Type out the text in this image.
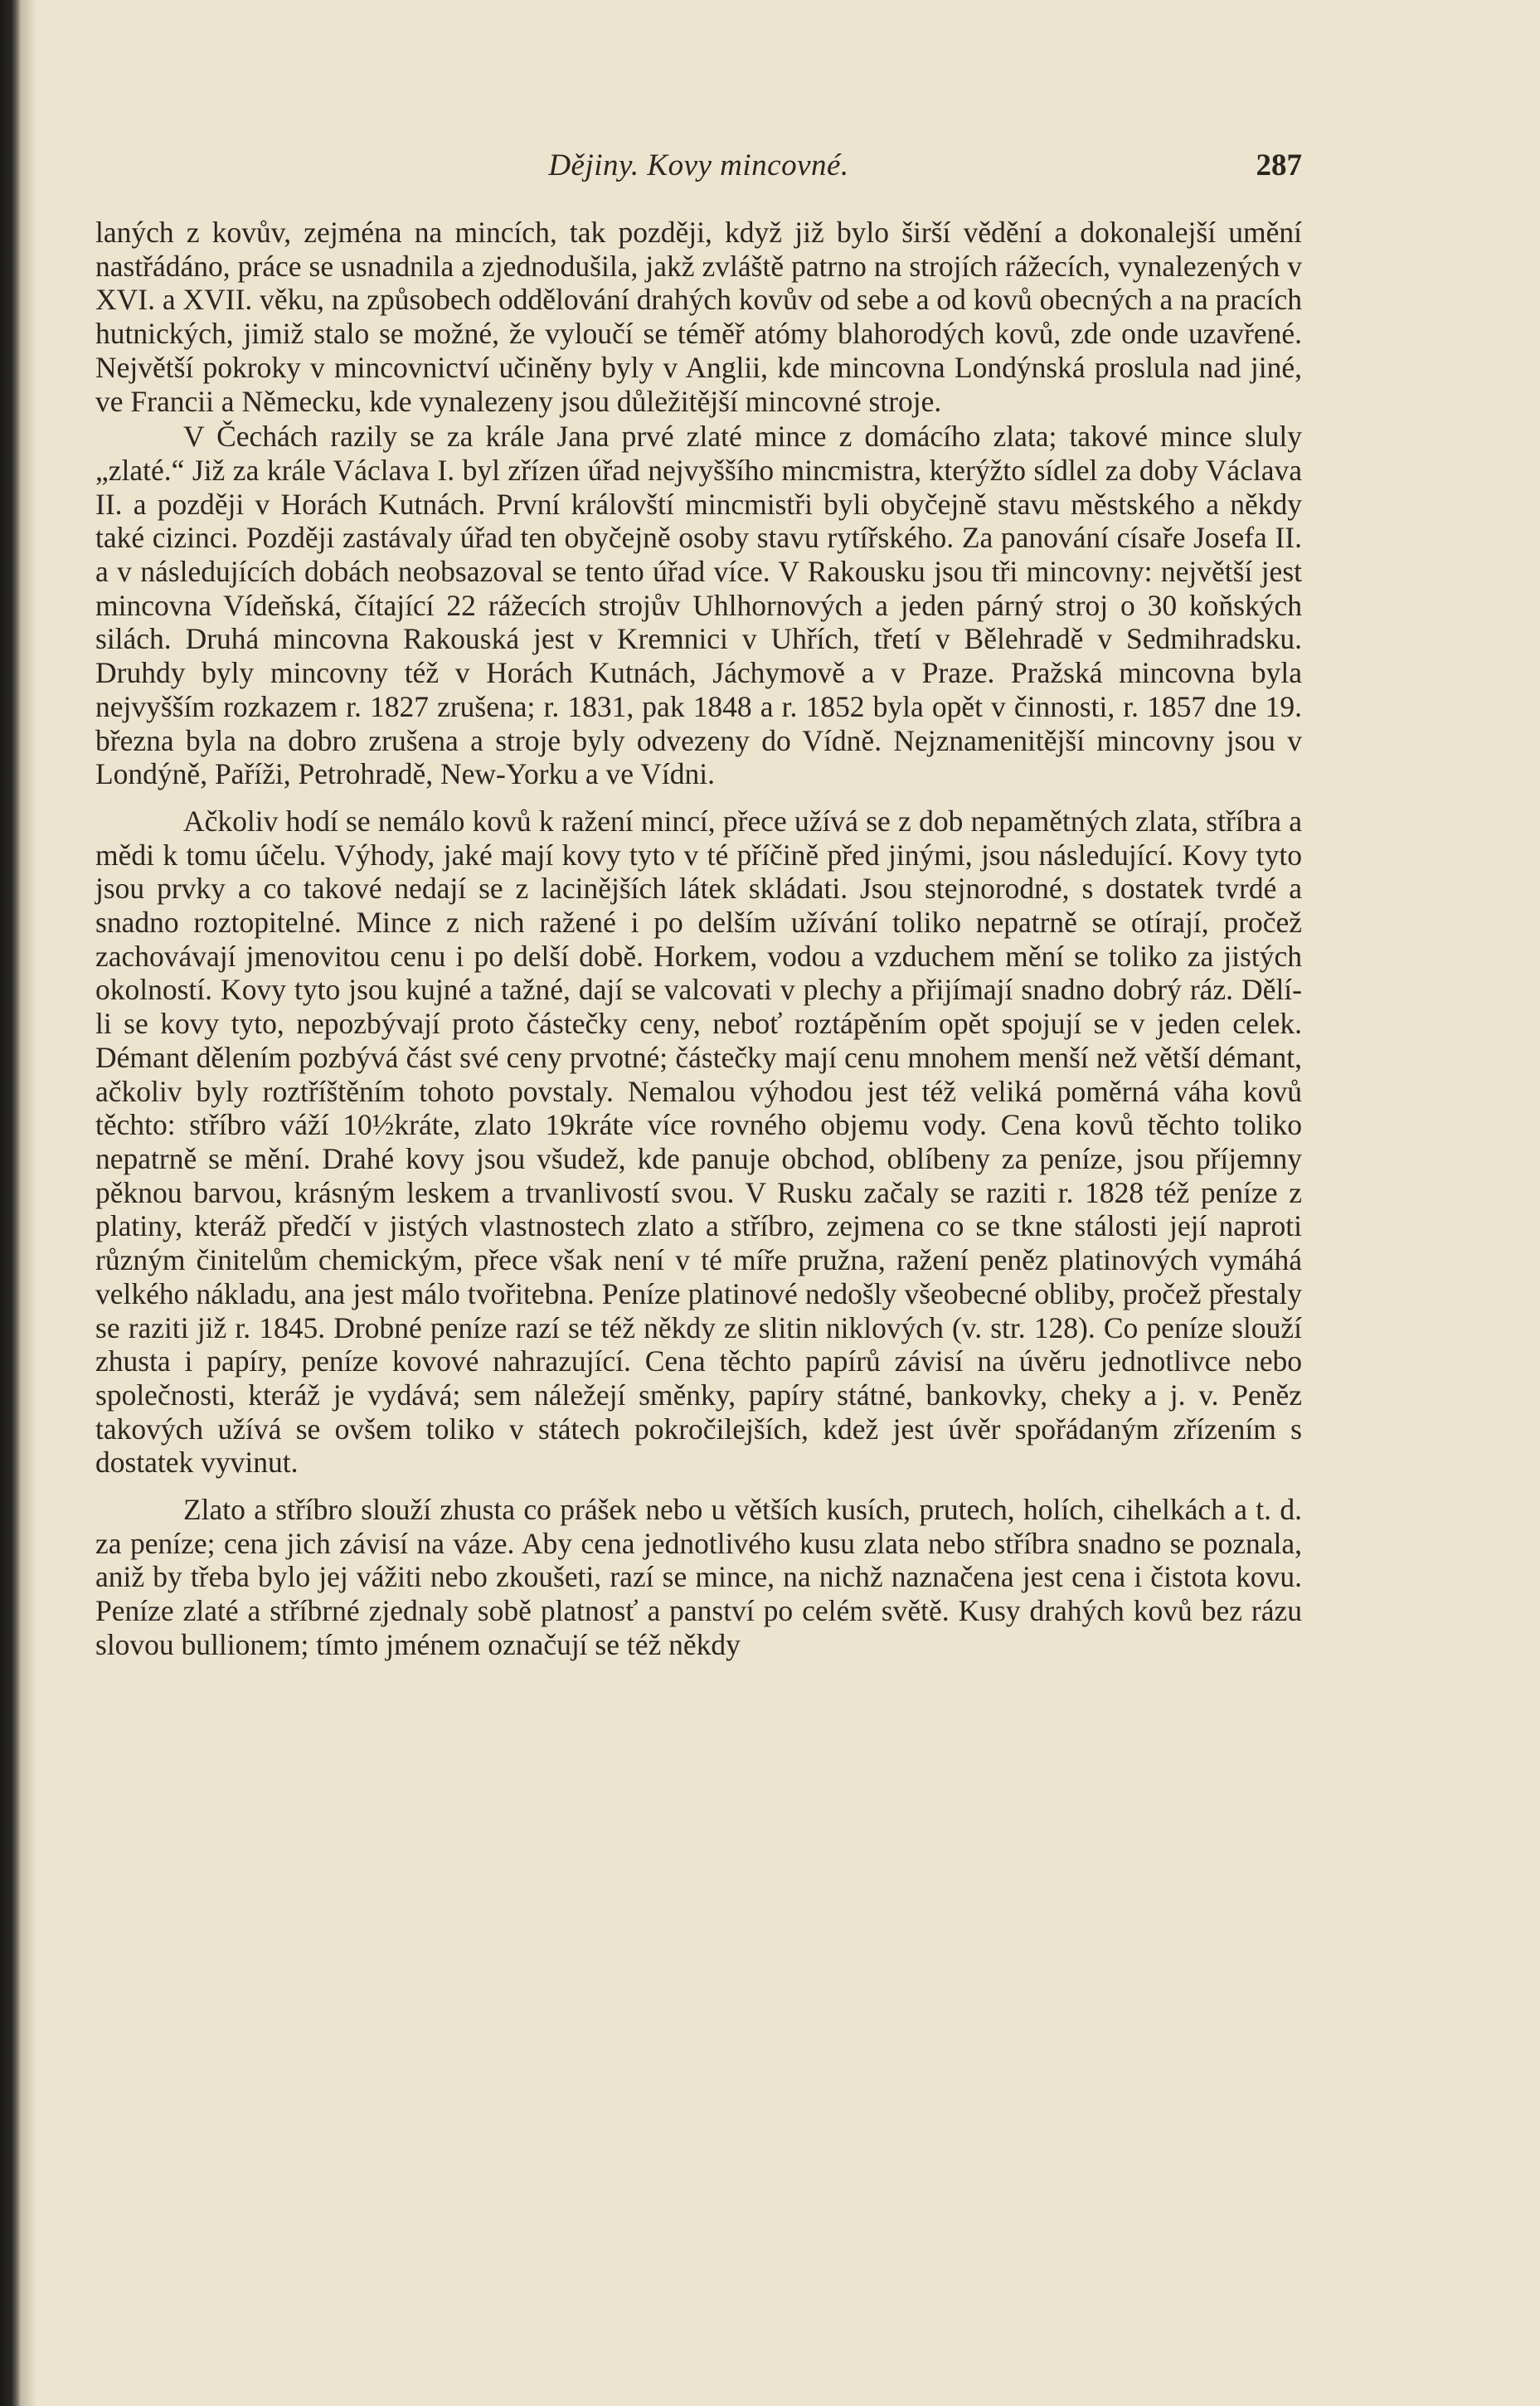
Dějiny. Kovy mincovné.	287

laných z kovův, zejména na mincích, tak později, když již bylo širší vědění a dokonalejší umění nastřádáno, práce se usnadnila a zjednodušila, jakž zvláště patrno na strojích rážecích, vynalezených v XVI. a XVII. věku, na způsobech oddělování drahých kovův od sebe a od kovů obecných a na pracích hutnických, jimiž stalo se možné, že vyloučí se téměř atómy blahorodých kovů, zde onde uzavřené. Největší pokroky v mincovnictví učiněny byly v Anglii, kde mincovna Londýnská proslula nad jiné, ve Francii a Německu, kde vynalezeny jsou důležitější mincovné stroje.

V Čechách razily se za krále Jana prvé zlaté mince z domácího zlata; takové mince sluly „zlaté.“ Již za krále Václava I. byl zřízen úřad nejvyššího mincmistra, kterýžto sídlel za doby Václava II. a později v Horách Kutnách. První královští mincmistři byli obyčejně stavu městského a někdy také cizinci. Později zastávaly úřad ten obyčejně osoby stavu rytířského. Za panování císaře Josefa II. a v následujících dobách neobsazoval se tento úřad více. V Rakousku jsou tři mincovny: největší jest mincovna Vídeňská, čítající 22 rážecích strojův Uhlhornových a jeden párný stroj o 30 koňských silách. Druhá mincovna Rakouská jest v Kremnici v Uhřích, třetí v Bělehradě v Sedmihradsku. Druhdy byly mincovny též v Horách Kutnách, Jáchymově a v Praze. Pražská mincovna byla nejvyšším rozkazem r. 1827 zrušena; r. 1831, pak 1848 a r. 1852 byla opět v činnosti, r. 1857 dne 19. března byla na dobro zrušena a stroje byly odvezeny do Vídně. Nejznamenitější mincovny jsou v Londýně, Paříži, Petrohradě, New-Yorku a ve Vídni.

Ačkoliv hodí se nemálo kovů k ražení mincí, přece užívá se z dob nepamětných zlata, stříbra a mědi k tomu účelu. Výhody, jaké mají kovy tyto v té příčině před jinými, jsou následující. Kovy tyto jsou prvky a co takové nedají se z lacinějších látek skládati. Jsou stejnorodné, s dostatek tvrdé a snadno roztopitelné. Mince z nich ražené i po delším užívání toliko nepatrně se otírají, pročež zachovávají jmenovitou cenu i po delší době. Horkem, vodou a vzduchem mění se toliko za jistých okolností. Kovy tyto jsou kujné a tažné, dají se valcovati v plechy a přijímají snadno dobrý ráz. Dělí-li se kovy tyto, nepozbývají proto částečky ceny, neboť roztápěním opět spojují se v jeden celek. Démant dělením pozbývá část své ceny prvotné; částečky mají cenu mnohem menší než větší démant, ačkoliv byly roztříštěním tohoto povstaly. Nemalou výhodou jest též veliká poměrná váha kovů těchto: stříbro váží 10½kráte, zlato 19kráte více rovného objemu vody. Cena kovů těchto toliko nepatrně se mění. Drahé kovy jsou všudež, kde panuje obchod, oblíbeny za peníze, jsou příjemny pěknou barvou, krásným leskem a trvanlivostí svou. V Rusku začaly se raziti r. 1828 též peníze z platiny, kteráž předčí v jistých vlastnostech zlato a stříbro, zejmena co se tkne stálosti její naproti různým činitelům chemickým, přece však není v té míře pružna, ražení peněz platinových vymáhá velkého nákladu, ana jest málo tvořitebna. Peníze platinové nedošly všeobecné obliby, pročež přestaly se raziti již r. 1845. Drobné peníze razí se též někdy ze slitin niklových (v. str. 128). Co peníze slouží zhusta i papíry, peníze kovové nahrazující. Cena těchto papírů závisí na úvěru jednotlivce nebo společnosti, kteráž je vydává; sem náležejí směnky, papíry státné, bankovky, cheky a j. v. Peněz takových užívá se ovšem toliko v státech pokročilejších, kdež jest úvěr spořádaným zřízením s dostatek vyvinut.

Zlato a stříbro slouží zhusta co prášek nebo u větších kusích, prutech, holích, cihelkách a t. d. za peníze; cena jich závisí na váze. Aby cena jednotlivého kusu zlata nebo stříbra snadno se poznala, aniž by třeba bylo jej vážiti nebo zkoušeti, razí se mince, na nichž naznačena jest cena i čistota kovu. Peníze zlaté a stříbrné zjednaly sobě platnosť a panství po celém světě. Kusy drahých kovů bez rázu slovou bullionem; tímto jménem označují se též někdy
